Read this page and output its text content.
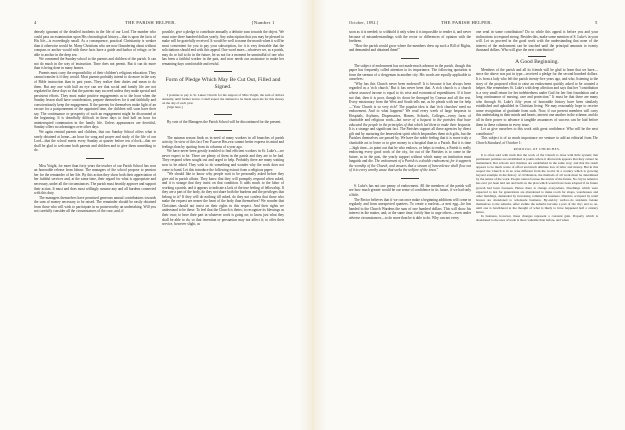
4	THE PARISH HELPER.	[Number 1

densely ignorant of the detailed incidents in the life of our Lord. The number who could pass an examination upon His chronological history—that is upon the facts of His life—is exceedingly small. As a consequence, practical Christianity is weaker than it otherwise would be. Many Christians who are now floundering about without compass or anchor would with these facts have a guide and harbor of refuge, or be able to anchor in the deep sea.

We commend the Sunday-school to the parents and children of the parish. It can not do much in the way of instruction. Time does not permit. But it can do more than is being done in many homes.

Parents must carry the responsibility of their children's religious education. They cannot transfer it if they would. Most parents probably intend to do more in the way of Bible instruction than in past years. They realize their duties and mean to do them. But any one with half an eye can see that social and family life are not regulated in these days so that the parents may succeed unless they make special and persistent efforts. They must make positive engagements as to the hour when the Sunday lesson shall have consideration, prepare themselves for it and faithfully and conscientiously keep the engagement. If the parents for themselves make light of an excuse for a postponement of the appointed time, the children will soon have their say. The continuance or prosperity of such an engagement might be discounted at the beginning. It is dreadfully difficult in these days to find half an hour for uninterrupted communion in the family life. Unless appearances are deceitful, Sunday offers no advantages over other days.

We again remind parents and children, that our Sunday School offers what is rarely obtained at home—an hour for song and prayer and study of the life of our Lord—that the school meets every Sunday at quarter before ten o'clock—that we shall be glad to welcome both parents and children and to give them something to do.

Miss Voight, for more than forty years the teacher of our Parish School has won an honorable release from labour. The managers of the school propose to pension her for the remainder of her life. By this action they show both their appreciation of her faithful services and, at the same time, their regard for what is appropriate and necessary, under all the circumstances. The parish must heartily approve and support their action. It must and does most willingly assume any and all burdens connected with this duty.

The managers themselves have promised generous annual contributions towards the sum of money necessary to be raised. The remainder should be easily obtained from those who will wish to participate in so praiseworthy an undertaking. Will you not carefully consider all the circumstances of the case, and, if

possible, give a pledge to contribute annually a definite sum towards the object. We must raise three hundred dollars yearly. Any subscription that you may be pleased to make will be gratefully received. It would be well to name the month when it will be most convenient for you to pay your subscription, for it is very desirable that the solicitations should end with this appeal. One word more—whatever we, as a parish, may do or fail to do in the future, let us not for a moment be unmindful of one who has been a faithful worker in the past, and now needs our assistance to make her remaining days comfortable and restful.

Form of Pledge Which May Be Cut Out, Filled and Signed.

I promise to pay to St. Lukes' Church for the support of Miss Voight, the sum of dollars annually, until further notice. I shall expect the demand to be made upon me for this money on the day of each year.

[Sign here.]

By vote of the Managers the Parish School will be discontinued for the present.

The autumn season finds us in need of many workers in all branches of parish activity. In view of this fact The Parish Helper cannot better express its mind and feelings than by quoting from its columns of a year ago.

We have never been greatly troubled to find efficient workers in St. Luke's—we never expect to be. There are plenty of them in the parish and they are to be had. They respond when sought out and urged to help. Probably there are many waiting now to be asked. They wish to do something and wonder why the work does not come to hand. Let this introduce the following extract from a religious paper:

"We should like to know why people wait to be personally asked before they give aid in parish affairs. They know that they will promptly respond when asked, and it is strange that they insist on that condition. It adds much to the labor of working a parish, and it appears to indicate a lack of the true feeling of fellowship. If they are a part of the body, do they not share both the burdens and the privileges that belong to it? If they will do nothing till asked, do they not confess that those who make the request are nearer the heart of the body than themselves? We wonder that Christians should not insist on their rights in this respect. And their rights we understand to be these: To feel that the Church is theirs; to recognize its blessings as their own; to have their part in whatever work is going on; to know just what they shall be able to do, so that invention or persuasion may not affect it; to offer their service, however slight, as

October, 1892.]	THE PARISH HELPER.	5

soon as it is needed; to withhold it only when it is impossible to render it, and never because of misunderstandings with the rector or differences of opinion with the brethren.

"How the parish would grow where the members drew up such a Bill of Rights, and demanded and obtained them!"

The subject of endowment has not made much advance in the parish, though this paper has frequently called attention to its importance. The following quotation is from the sermon of a clergyman in another city. His words are equally applicable to ourselves:

"Why has this Church never been endowed? It is because it has always been regarded as a 'rich church.' But it has never been that. A rich church is a church whose assured income is equal to its wise and economical expenditures. If it have not that, then it is poor, though its doors be thronged by Crœsus and all the rest. Every missionary from the West and South tells me, as he pleads with me for help—'Your Church is so very rich!' The popular idea is that 'rich churches' need no endowment. And to what happens? We read every week of large bequests to Hospitals, Asylums, Dispensaries, Homes, Schools, Colleges—every form of charitable and religious work—but never of a bequest to the parishes that have educated the people in the principles of that which led them to make their bequests. It is a strange and significant fact. The Parishes support all these agencies by direct gift and by nurturing the benevolent spirit which bequeathes them rich gifts, but the Parishes themselves are passed by. We have the noble feeling that it is more truly a charitable act to leave or to give money to a hospital than to a Parish. But it is time—high time—to point out that he who endows, or helps to endow, a Parish is really endowing every good work of the city, for out of the Parishes is to come in the future, as in the past, the yearly support without which many an institution must languish and die. The endowment of a Parish is a double endowment, for it supports the worship of the Church, and ensures that a stream of benevolence shall flow out of it to every worthy cause that seeks the welfare of the town."

S. Luke's has not one penny of endowment. All the members of the parish will see how much greater would be our sense of confidence in its future, if we had only a little.

The Rector believes that if we can once make a beginning additions will come in regularly and from unexpected quarters. To create a nucleus—a nest egg—he has handed to the Church Wardens the sum of one hundred dollars. This will show his interest in the matter, and, at the same time, fortify him to urge others—even under adverse circumstances—to do more than he is able to do. Why can not every

one send in some contribution? Do so while this appeal is before you and your inclinations to respond strong. Besides this, make some mention of S. Luke's in your will. Let us proceed in the good work with the understanding that none of the interest of the endowment can be touched until the principal amounts to twenty thousand dollars. Who will give the next contribution?

A Good Beginning.

Members of the parish and all its friends will be glad to learn that we have—since the above was put in type—received a pledge for the second hundred dollars. It is from a lady who left the parish twenty-five years ago, and who, listening to the story of the proposed effort to raise an endowment quickly asked to be counted a helper. She remembers St. Luke's with deep affection and says that her "contribution is a very small return for her indebtedness under God for her first foundation and a long continuance of nursing, care and protection." It must be that there are many who through St. Luke's fifty years of honorable history have been similarly established and upbuilded in Christian living. We may reasonably hope to receive some recognition of gratitude from such. Now, if our present members will carry this undertaking in their minds and hearts, interest one another in the scheme, and do all in their power to advance it tangible assurances of success can be laid before them in these columns in every issue.

Let us give ourselves to this work with great confidence. Who will be the next contributor?

This subject is of so much importance we venture to add an editorial from The Church Standard, of October 1:

REMOVAL OF CHURCHES.

It is often said with truth that the work of the Church is done with little system; that permanent parishes are established at points where it afterwards appears that they cannot be maintained; that schools and charities are established in the same way; and that the result appears to be much waste of effort and much ultimate loss of labor and money. But in this respect the Church is in no wise different from the world. In a country which is growing beyond example in the history of civilization, the methods of all work must be determined by the nature of the work. People cannot foresee the events of the future. No city in America has ever yet been laid out and built on the plan which would have been adopted if its future growth had been foreseen. Hence there is change everywhere. Dwellings which were expected to last for generations are abandoned to make room for shops, warehouses and other buildings, demanded by increasing commercial business. Districts occupied by retail houses are abandoned to wholesale business. By-and-by well-to-do residents betake themselves to the suburbs. After awhile the suburbs become a part of the city; and so on, until one is bewildered at the thought of what is likely to have happened half a century hence.

In business, however, these changes represent a constant gain. Property which is abandoned to the uses of trade is more valuable than before, and when
